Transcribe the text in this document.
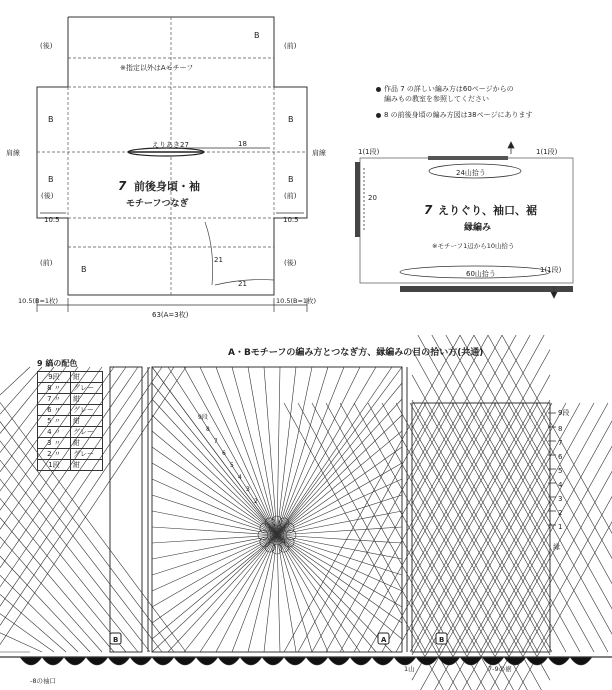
(後)
※指定以外はAモチーフ
(前)
B
B
B
B
B
B
えりあき27	18
肩線	肩線
(後)	(前)
(後)
(前)
7 前後身頃・袖
モチーフつなぎ
10.5	10.5
21
21
10.5(B=1枚)
63(A=3枚)
10.5(B=1枚)
作品 7 の詳しい編み方は60ページからの
編みもの教室を参照してください
8 の前後身頃の編み方図は38ページにあります
1(1段)	1(1段)
20
24山拾う
7 えりぐり、袖口、裾
縁編み
※モチーフ1辺から10山拾う
60山拾う	1(1段)
9 縞の配色
9段	紺
8 〃	グレー
7 〃	紺
6 〃	グレー
5 〃	紺
4 〃	グレー
3 〃	紺
2 〃	グレー
1段	紺
A・Bモチーフの編み方とつなぎ方、縁編みの目の拾い方(共通)
9段
8
7
6
5
4
3
2
1
9段
8
7
6
5
4
3
2
縁
B	A	B
-8の袖口
1山	7-9の裾
